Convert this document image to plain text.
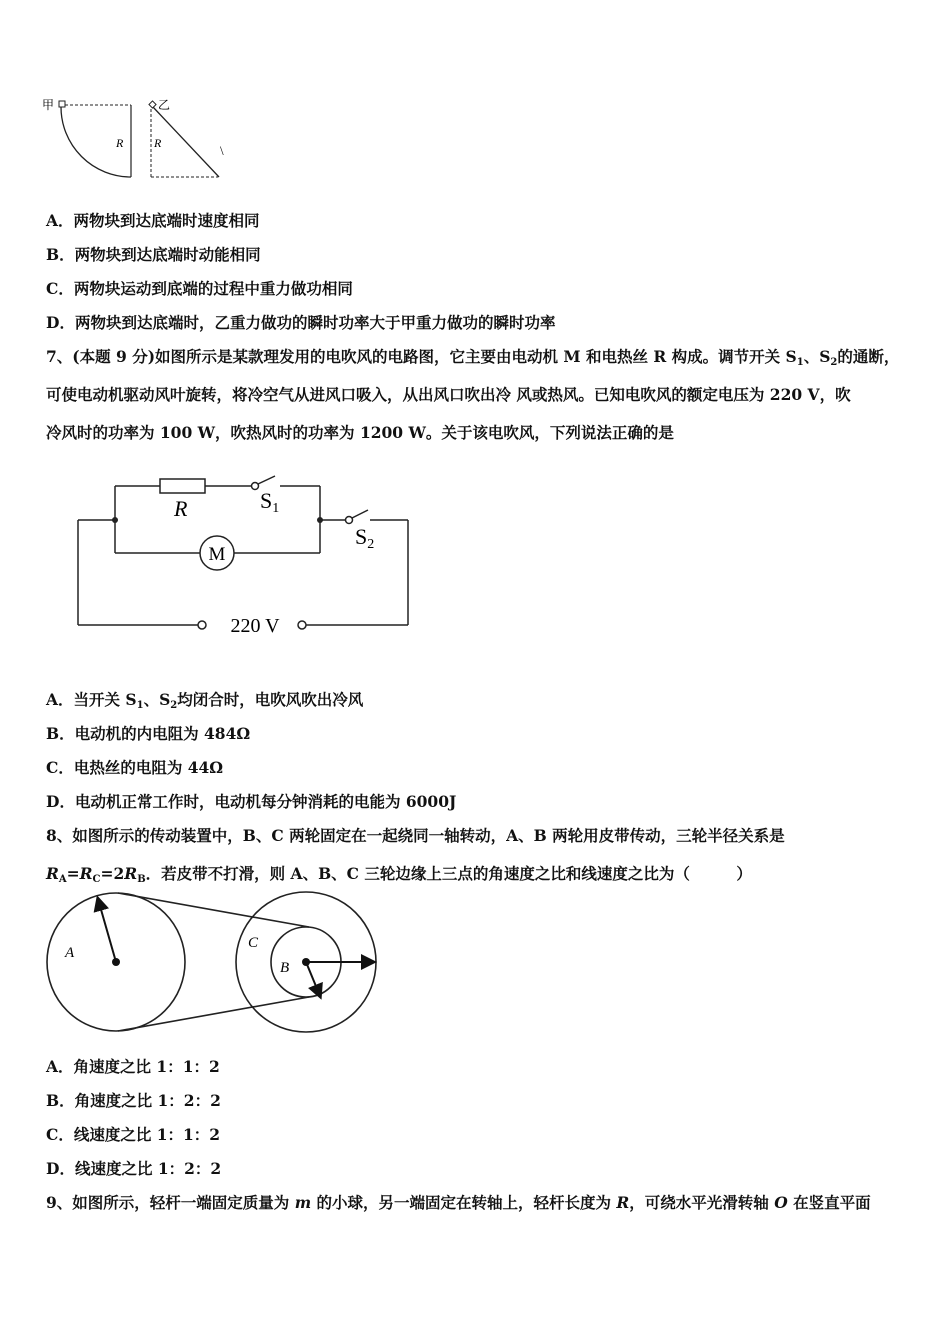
甲
R
乙
R	\
A．两物块到达底端时速度相同
B．两物块到达底端时动能相同
C．两物块运动到底端的过程中重力做功相同
D．两物块到达底端时，乙重力做功的瞬时功率大于甲重力做功的瞬时功率
7、(本题 9 分)如图所示是某款理发用的电吹风的电路图，它主要由电动机 M 和电热丝 R 构成。调节开关 $S_1$、$S_2$的通断，
可使电动机驱动风叶旋转，将冷空气从进风口吸入，从出风口吹出冷 风或热风。已知电吹风的额定电压为 220 V，吹
冷风时的功率为 100 W，吹热风时的功率为 1200 W。关于该电吹风，下列说法正确的是
R	S1
S2
M
220 V
A．当开关 $S_1$、$S_2$均闭合时，电吹风吹出冷风
B．电动机的内电阻为 484Ω
C．电热丝的电阻为 44Ω
D．电动机正常工作时，电动机每分钟消耗的电能为 6000J
8、如图所示的传动装置中，B、C 两轮固定在一起绕同一轴转动，A、B 两轮用皮带传动，三轮半径关系是
$R_A=R_C=2R_B$．若皮带不打滑，则 A、B、C 三轮边缘上三点的角速度之比和线速度之比为（　　　）
A
C
B
A．角速度之比 1：1：2
B．角速度之比 1：2：2
C．线速度之比 1：1：2
D．线速度之比 1：2：2
9、如图所示，轻杆一端固定质量为 m 的小球，另一端固定在转轴上，轻杆长度为 R，可绕水平光滑转轴 O 在竖直平面
